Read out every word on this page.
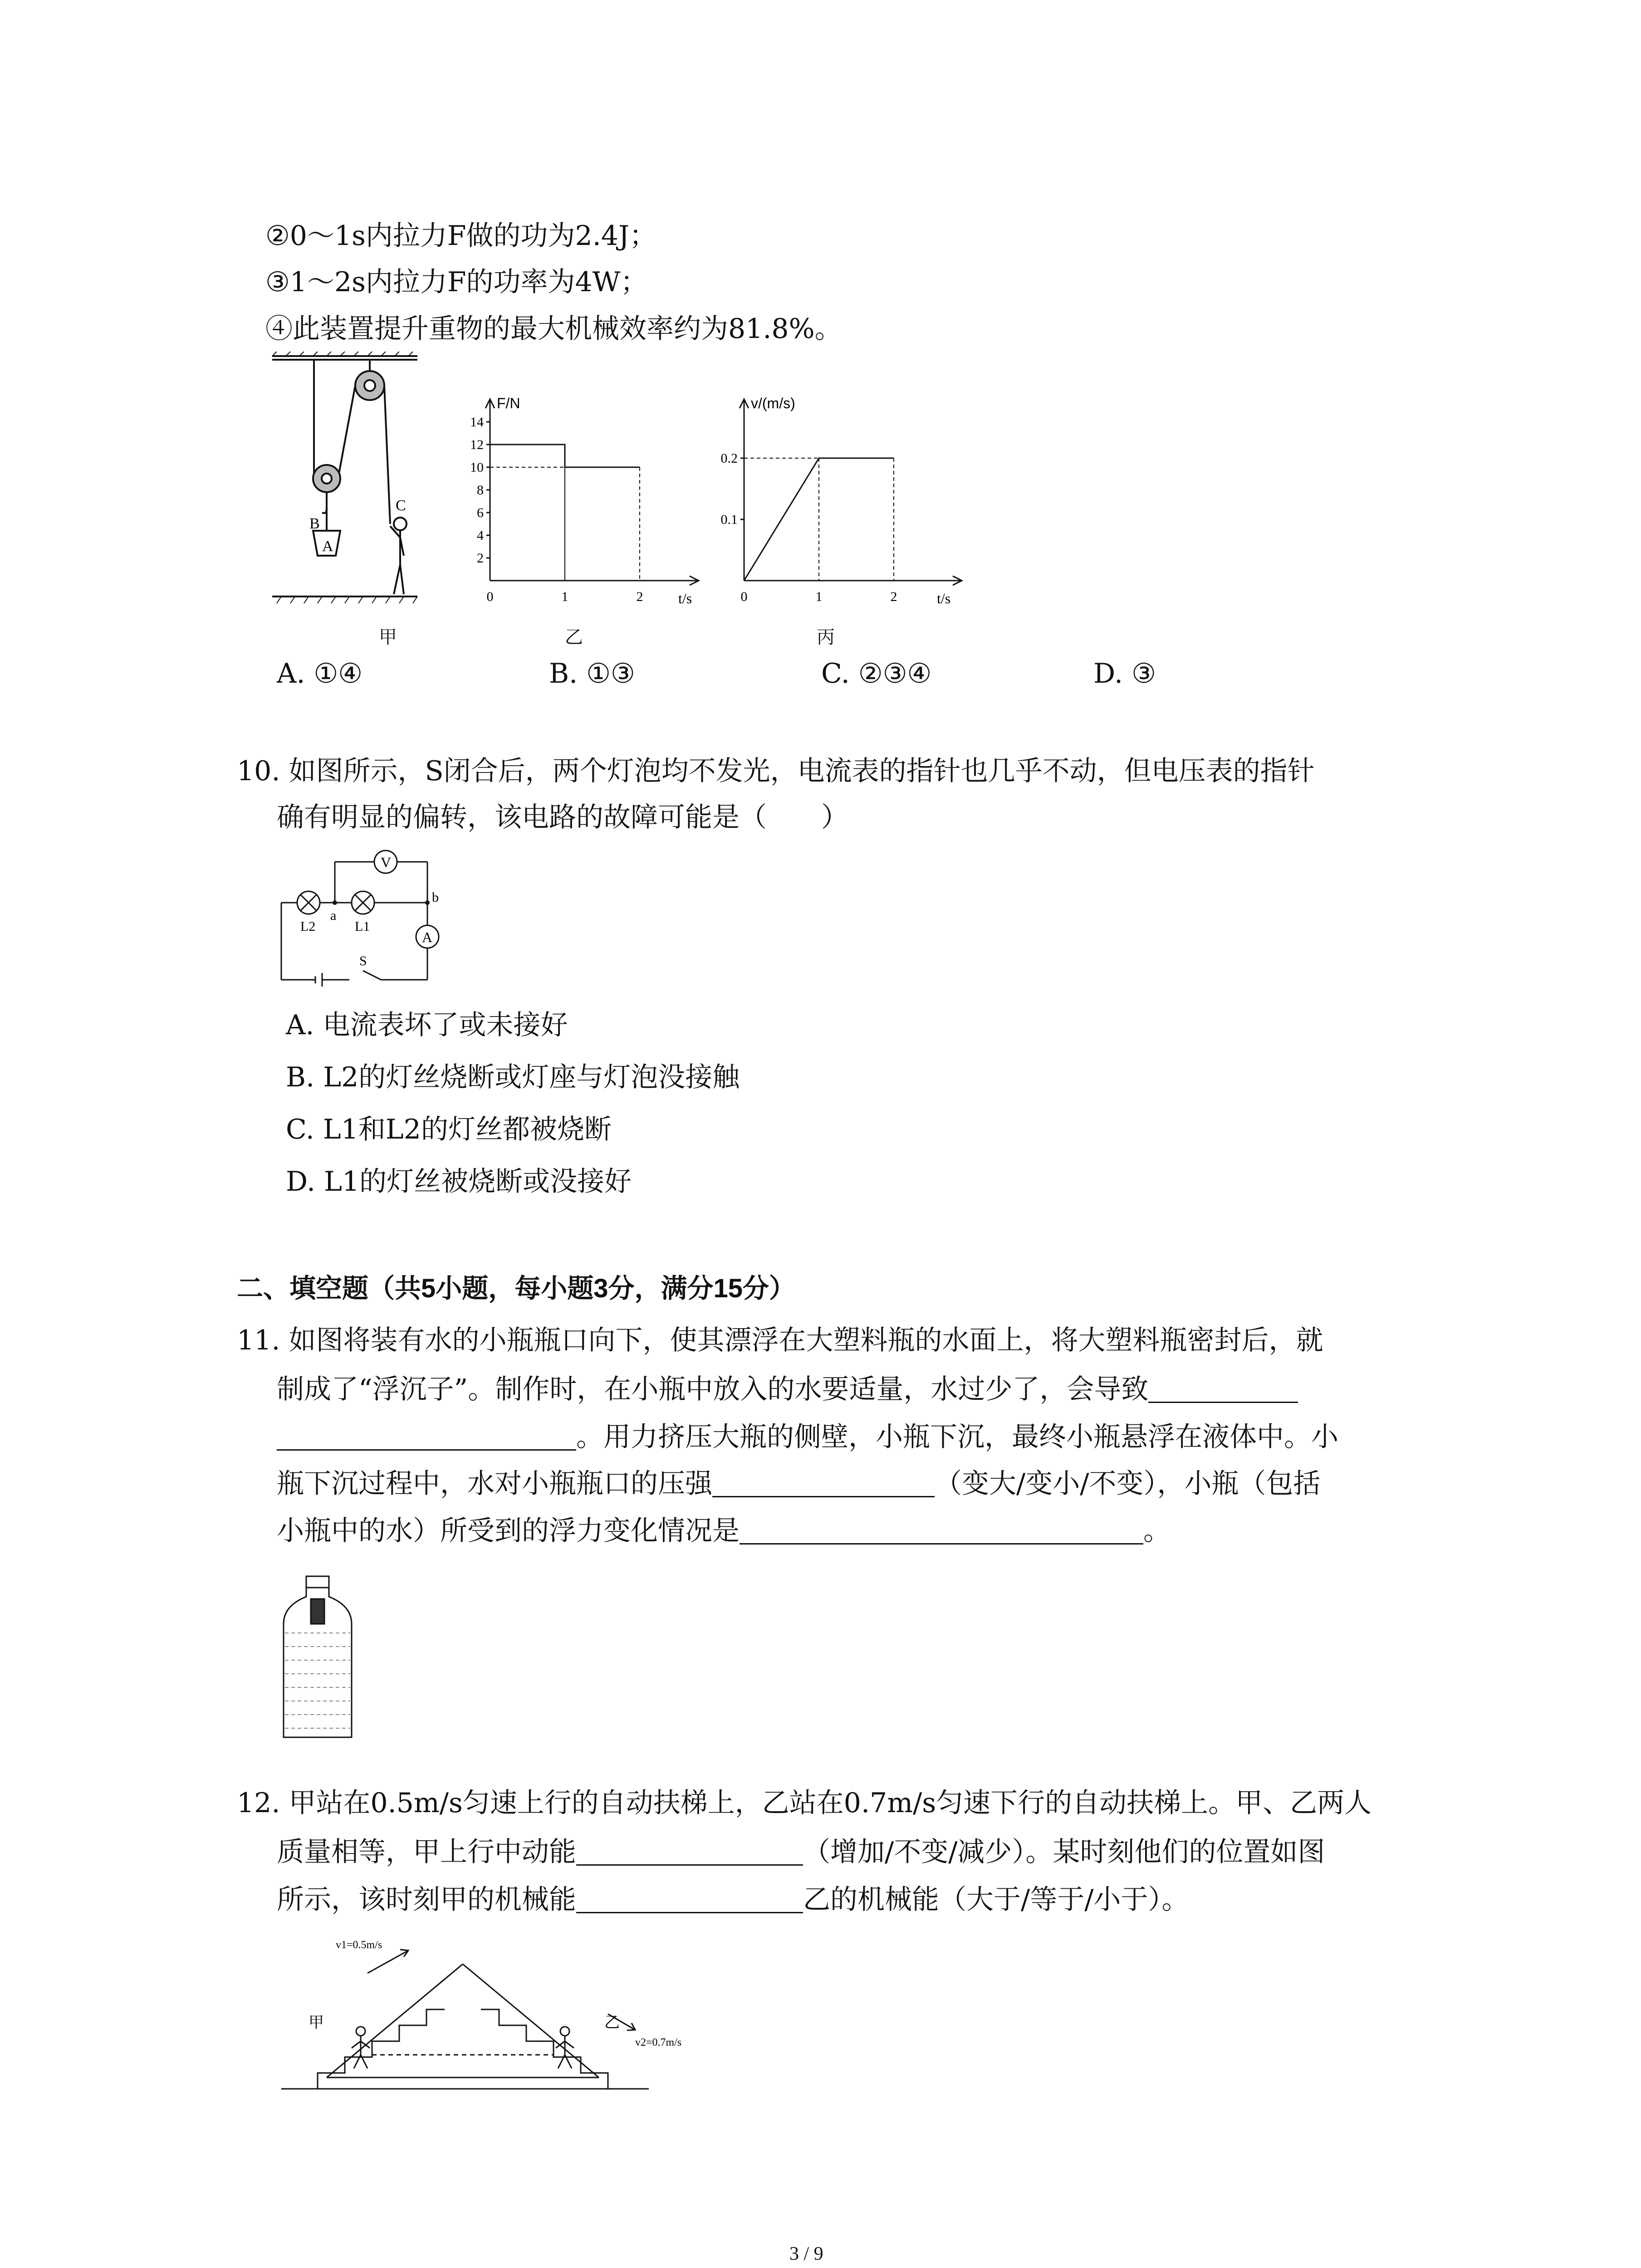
②0～1s内拉力F做的功为2.4J；
③1～2s内拉力F的功率为4W；
④此装置提升重物的最大机械效率约为81.8%。
B
A
C
甲
F/N
t/s
14
12
10
8
6
4
2
0	1	2
乙
v/(m/s)
t/s
0.2
0.1
0	1	2
丙
A. ①④	B. ①③	C. ②③④	D. ③
10. 如图所示，S闭合后，两个灯泡均不发光，电流表的指针也几乎不动，但电压表的指针
确有明显的偏转，该电路的故障可能是（　　）
V
A
L2	L1
a
b
S
A. 电流表坏了或未接好
B. L2的灯丝烧断或灯座与灯泡没接触
C. L1和L2的灯丝都被烧断
D. L1的灯丝被烧断或没接好
二、填空题（共5小题，每小题3分，满分15分）
11. 如图将装有水的小瓶瓶口向下，使其漂浮在大塑料瓶的水面上，将大塑料瓶密封后，就
制成了“浮沉子”。制作时，在小瓶中放入的水要适量，水过少了，会导致
。用力挤压大瓶的侧壁，小瓶下沉，最终小瓶悬浮在液体中。小
瓶下沉过程中，水对小瓶瓶口的压强	（变大/变小/不变），小瓶（包括
小瓶中的水）所受到的浮力变化情况是	。
12. 甲站在0.5m/s匀速上行的自动扶梯上，乙站在0.7m/s匀速下行的自动扶梯上。甲、乙两人
质量相等，甲上行中动能	（增加/不变/减少）。某时刻他们的位置如图
所示，该时刻甲的机械能	乙的机械能（大于/等于/小于）。
甲	乙
v1=0.5m/s
v2=0.7m/s
3 / 9
